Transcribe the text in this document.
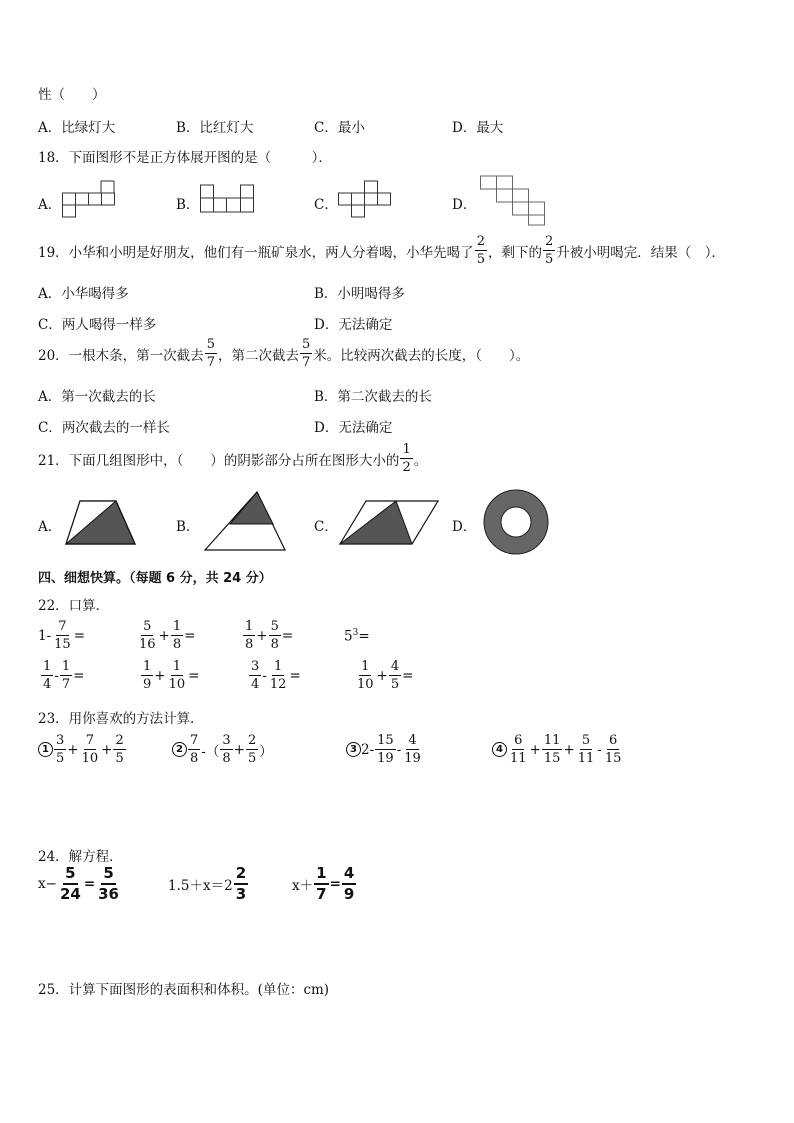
性（　　）
A．比绿灯大	B．比红灯大	C．最小	D．最大
18．下面图形不是正方体展开图的是（　　　）．
A．	B．	C．	D．
19．小华和小明是好朋友，他们有一瓶矿泉水，两人分着喝，小华先喝了 $\frac{2}{5}$ ，剩下的 $\frac{2}{5}$ 升被小明喝完．结果（　）．
A．小华喝得多	B．小明喝得多
C．两人喝得一样多	D．无法确定
20．一根木条，第一次截去 $\frac{5}{7}$ ，第二次截去 $\frac{5}{7}$ 米。比较两次截去的长度，（　　）。
A．第一次截去的长	B．第二次截去的长
C．两次截去的一样长	D．无法确定
21．下面几组图形中，（　　）的阴影部分占所在图形大小的 $\frac{1}{2}$ 。
A．	B．	C．	D．
四、细想快算。（每题 6 分，共 24 分）
22．口算．
$1- \frac{7}{15}$ =	$\frac{5}{16} + \frac{1}{8}$ =	$\frac{1}{8} + \frac{5}{8}$ =	$5^3=$
$\frac{1}{4} - \frac{1}{7}$ =	$\frac{1}{9} + \frac{1}{10}$ =	$\frac{3}{4} - \frac{1}{12}$ =	$\frac{1}{10} + \frac{4}{5}$ =
23．用你喜欢的方法计算．
$1 \frac{3}{5} + \frac{7}{10} + \frac{2}{5}$	$2 \frac{7}{8}$ -（ $\frac{3}{8} + \frac{2}{5}$ ）	3 $2- \frac{15}{19} - \frac{4}{19}$	$4 \frac{6}{11} + \frac{11}{15} + \frac{5}{11} - \frac{6}{15}$
24．解方程．
$x- \frac{5}{24} = \frac{5}{36}$	$1.5+x=2 \frac{2}{3}$	$x+ \frac{1}{7} = \frac{4}{9}$
25．计算下面图形的表面积和体积。(单位：cm)
